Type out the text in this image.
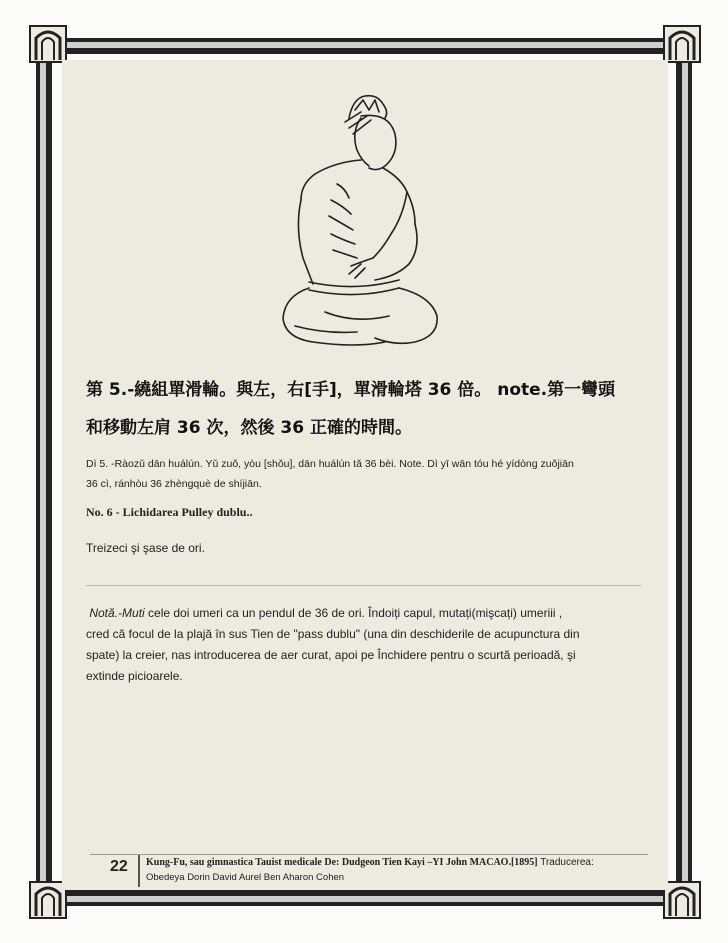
第 5.-繞組單滑輪。與左，右[手]，單滑輪塔 36 倍。 note.第一彎頭
和移動左肩 36 次，然後 36 正確的時間。
Dì 5. -Ràozǔ dān huálún. Yǔ zuǒ, yòu [shǒu], dān huálún tǎ 36 bèi. Note. Dì yī wān tóu hé yídòng zuǒjiān
36 cì, ránhòu 36 zhèngquè de shíjiān.
No. 6 - Lichidarea Pulley dublu..
Treizeci şi şase de ori.
Notă.-Muti cele doi umeri ca un pendul de 36 de ori. Îndoiți capul, mutați(mişcați) umeriii ,
cred că focul de la plajă în sus Tien de "pass dublu" (una din deschiderile de acupunctura din
spate) la creier, nas introducerea de aer curat, apoi pe Închidere pentru o scurtă perioadă, şi
extinde picioarele.
22 Kung-Fu, sau gimnastica Tauist medicale De: Dudgeon Tien Kayi –YI John MACAO.[1895] Traducerea:
Obedeya Dorin David Aurel Ben Aharon Cohen
